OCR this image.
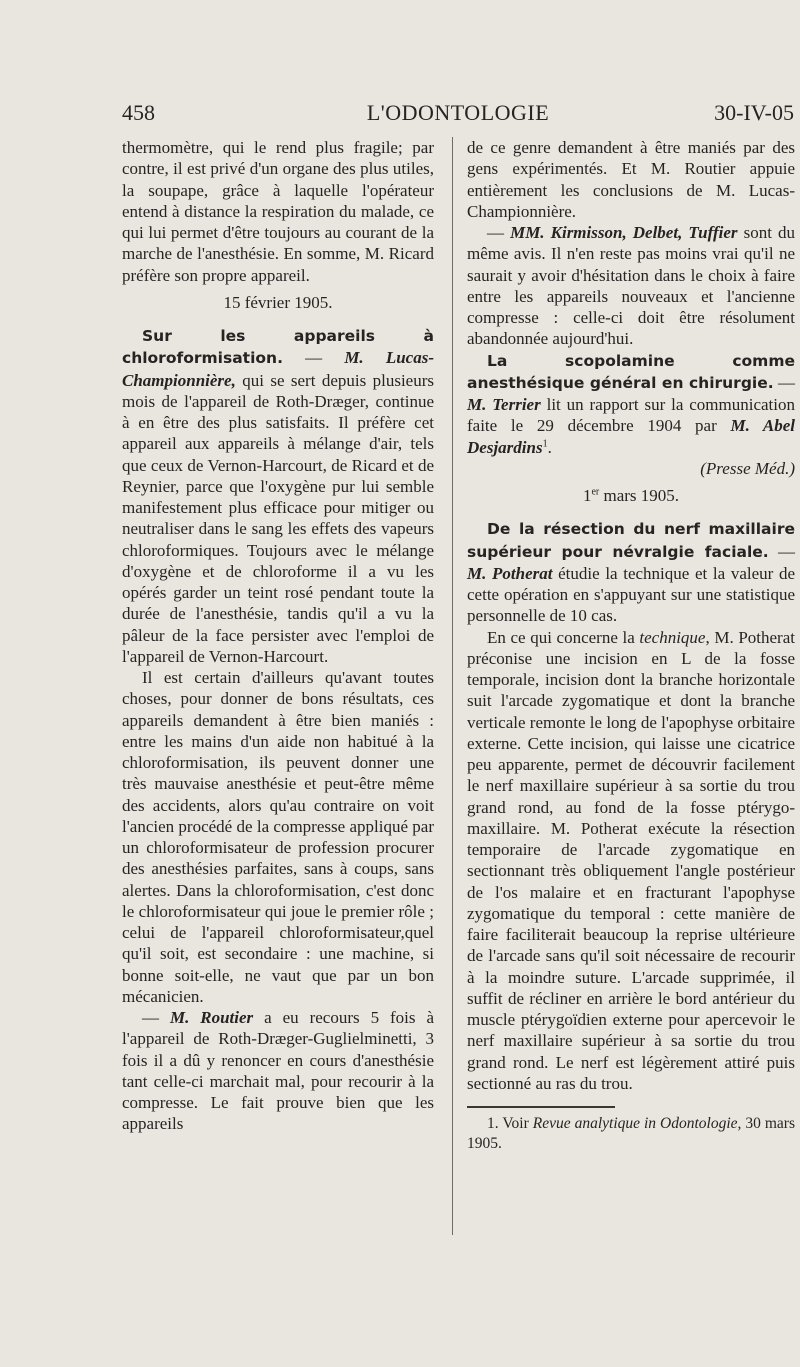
458	L'ODONTOLOGIE	30-IV-05

thermomètre, qui le rend plus fragile; par contre, il est privé d'un organe des plus utiles, la soupape, grâce à laquelle l'opérateur entend à distance la respiration du malade, ce qui lui permet d'être toujours au courant de la marche de l'anesthésie. En somme, M. Ricard préfère son propre appareil.

15 février 1905.

Sur les appareils à chloroformisation. — M. Lucas-Championnière, qui se sert depuis plusieurs mois de l'appareil de Roth-Dræger, continue à en être des plus satisfaits. Il préfère cet appareil aux appareils à mélange d'air, tels que ceux de Vernon-Harcourt, de Ricard et de Reynier, parce que l'oxygène pur lui semble manifestement plus efficace pour mitiger ou neutraliser dans le sang les effets des vapeurs chloroformiques. Toujours avec le mélange d'oxygène et de chloroforme il a vu les opérés garder un teint rosé pendant toute la durée de l'anesthésie, tandis qu'il a vu la pâleur de la face persister avec l'emploi de l'appareil de Vernon-Harcourt.

Il est certain d'ailleurs qu'avant toutes choses, pour donner de bons résultats, ces appareils demandent à être bien maniés : entre les mains d'un aide non habitué à la chloroformisation, ils peuvent donner une très mauvaise anesthésie et peut-être même des accidents, alors qu'au contraire on voit l'ancien procédé de la compresse appliqué par un chloroformisateur de profession procurer des anesthésies parfaites, sans à coups, sans alertes. Dans la chloroformisation, c'est donc le chloroformisateur qui joue le premier rôle ; celui de l'appareil chloroformisateur,quel qu'il soit, est secondaire : une machine, si bonne soit-elle, ne vaut que par un bon mécanicien.

— M. Routier a eu recours 5 fois à l'appareil de Roth-Dræger-Guglielminetti, 3 fois il a dû y renoncer en cours d'anesthésie tant celle-ci marchait mal, pour recourir à la compresse. Le fait prouve bien que les appareils

de ce genre demandent à être maniés par des gens expérimentés. Et M. Routier appuie entièrement les conclusions de M. Lucas-Championnière.

— MM. Kirmisson, Delbet, Tuffier sont du même avis. Il n'en reste pas moins vrai qu'il ne saurait y avoir d'hésitation dans le choix à faire entre les appareils nouveaux et l'ancienne compresse : celle-ci doit être résolument abandonnée aujourd'hui.

La scopolamine comme anesthésique général en chirurgie. — M. Terrier lit un rapport sur la communication faite le 29 décembre 1904 par M. Abel Desjardins$^1$.

(Presse Méd.)

1er mars 1905.

De la résection du nerf maxillaire supérieur pour névralgie faciale. — M. Potherat étudie la technique et la valeur de cette opération en s'appuyant sur une statistique personnelle de 10 cas.

En ce qui concerne la technique, M. Potherat préconise une incision en L de la fosse temporale, incision dont la branche horizontale suit l'arcade zygomatique et dont la branche verticale remonte le long de l'apophyse orbitaire externe. Cette incision, qui laisse une cicatrice peu apparente, permet de découvrir facilement le nerf maxillaire supérieur à sa sortie du trou grand rond, au fond de la fosse ptérygo-maxillaire. M. Potherat exécute la résection temporaire de l'arcade zygomatique en sectionnant très obliquement l'angle postérieur de l'os malaire et en fracturant l'apophyse zygomatique du temporal : cette manière de faire faciliterait beaucoup la reprise ultérieure de l'arcade sans qu'il soit nécessaire de recourir à la moindre suture. L'arcade supprimée, il suffit de récliner en arrière le bord antérieur du muscle ptérygoïdien externe pour apercevoir le nerf maxillaire supérieur à sa sortie du trou grand rond. Le nerf est légèrement attiré puis sectionné au ras du trou.

1. Voir Revue analytique in Odontologie, 30 mars 1905.
